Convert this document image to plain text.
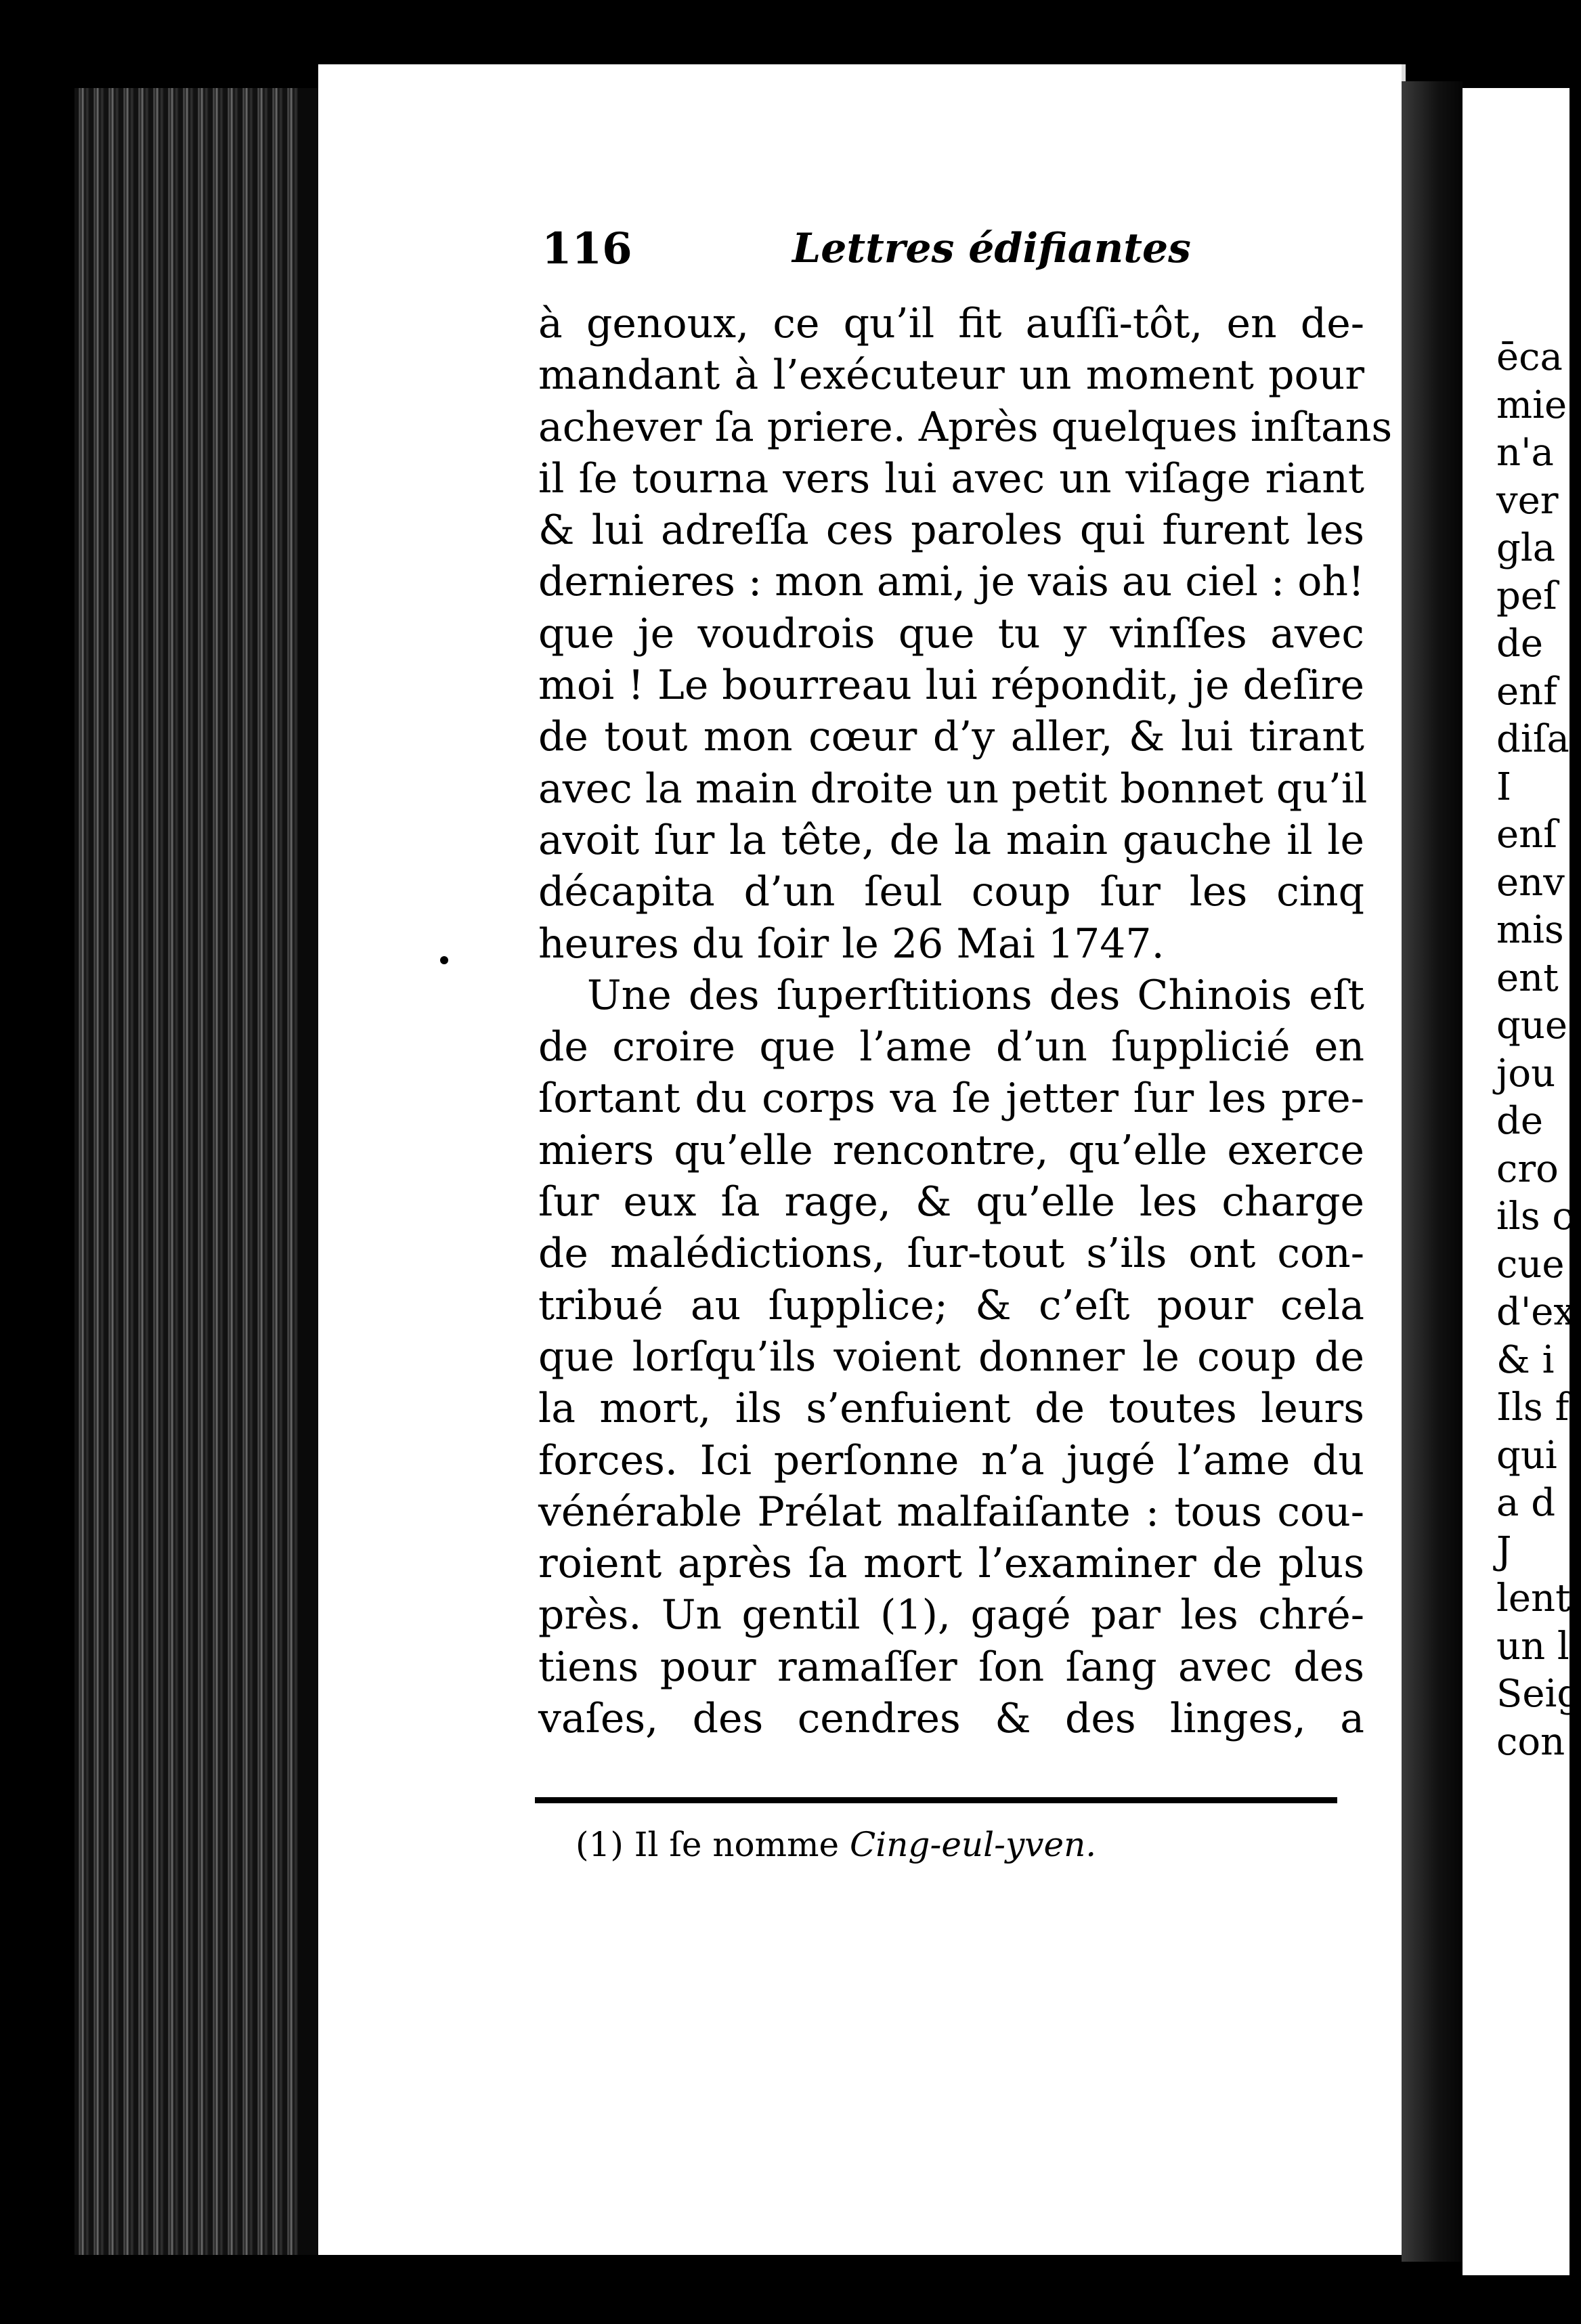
ēca
mie
n'a
ver
gla
peſ
de
enf
diſa
I
enſ
env
mis
ent
que
jou
de
cro
ils c
cue
d'ex
& i
Ils f
qui
a d
J
lent
un l
Seig
con
116	Lettres édifiantes
à genoux, ce qu’il fit auſſi-tôt, en de-
mandant à l’exécuteur un moment pour
achever ſa priere. Après quelques inſtans
il ſe tourna vers lui avec un viſage riant
& lui adreſſa ces paroles qui furent les
dernieres : mon ami, je vais au ciel : oh!
que je voudrois que tu y vinſſes avec
moi ! Le bourreau lui répondit, je deſire
de tout mon cœur d’y aller, & lui tirant
avec la main droite un petit bonnet qu’il
avoit ſur la tête, de la main gauche il le
décapita d’un ſeul coup ſur les cinq
heures du ſoir le 26 Mai 1747.
Une des ſuperſtitions des Chinois eſt
de croire que l’ame d’un ſupplicié en
ſortant du corps va ſe jetter ſur les pre-
miers qu’elle rencontre, qu’elle exerce
ſur eux ſa rage, & qu’elle les charge
de malédictions, ſur-tout s’ils ont con-
tribué au ſupplice; & c’eſt pour cela
que lorſqu’ils voient donner le coup de
la mort, ils s’enfuient de toutes leurs
forces. Ici perſonne n’a jugé l’ame du
vénérable Prélat malfaiſante : tous cou-
roient après ſa mort l’examiner de plus
près. Un gentil (1), gagé par les chré-
tiens pour ramaſſer ſon ſang avec des
vaſes, des cendres & des linges, a
(1) Il ſe nomme Cing-eul-yven.
